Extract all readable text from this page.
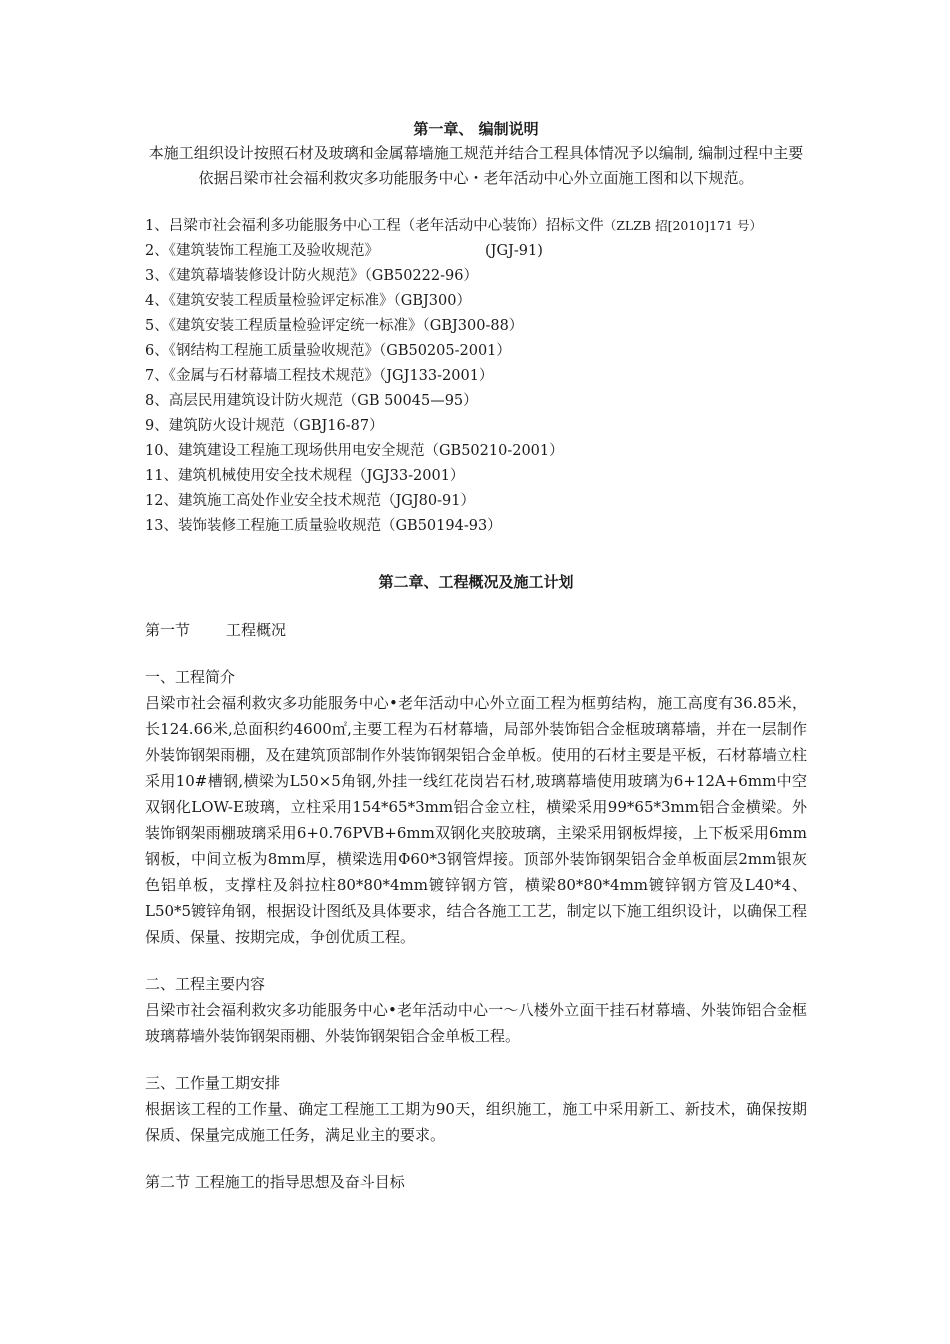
第一章、 编制说明

本施工组织设计按照石材及玻璃和金属幕墙施工规范并结合工程具体情况予以编制, 编制过程中主要依据吕梁市社会福利救灾多功能服务中心・老年活动中心外立面施工图和以下规范。

1、吕梁市社会福利多功能服务中心工程（老年活动中心装饰）招标文件（ZLZB 招[2010]171 号）
2、《建筑装饰工程施工及验收规范》	(JGJ-91)
3、《建筑幕墙装修设计防火规范》（GB50222-96）
4、《建筑安装工程质量检验评定标准》（GBJ300）
5、《建筑安装工程质量检验评定统一标准》（GBJ300-88）
6、《钢结构工程施工质量验收规范》（GB50205-2001）
7、《金属与石材幕墙工程技术规范》（JGJ133-2001）
8、高层民用建筑设计防火规范（GB 50045—95）
9、建筑防火设计规范（GBJ16-87）
10、建筑建设工程施工现场供用电安全规范（GB50210-2001）
11、建筑机械使用安全技术规程（JGJ33-2001）
12、建筑施工高处作业安全技术规范（JGJ80-91）
13、装饰装修工程施工质量验收规范（GB50194-93）

第二章、工程概况及施工计划

第一节 工程概况

一、工程简介

吕梁市社会福利救灾多功能服务中心•老年活动中心外立面工程为框剪结构，施工高度有36.85米，长124.66米,总面积约4600㎡,主要工程为石材幕墙，局部外装饰铝合金框玻璃幕墙，并在一层制作外装饰钢架雨棚，及在建筑顶部制作外装饰钢架铝合金单板。使用的石材主要是平板，石材幕墙立柱采用10#槽钢,横梁为L50×5角钢,外挂一线红花岗岩石材,玻璃幕墙使用玻璃为6+12A+6mm中空双钢化LOW-E玻璃，立柱采用154*65*3mm铝合金立柱，横梁采用99*65*3mm铝合金横梁。外装饰钢架雨棚玻璃采用6+0.76PVB+6mm双钢化夹胶玻璃，主梁采用钢板焊接，上下板采用6mm钢板，中间立板为8mm厚，横梁选用Φ60*3钢管焊接。顶部外装饰钢架铝合金单板面层2mm银灰色铝单板，支撑柱及斜拉柱80*80*4mm镀锌钢方管，横梁80*80*4mm镀锌钢方管及L40*4、L50*5镀锌角钢，根据设计图纸及具体要求，结合各施工工艺，制定以下施工组织设计，以确保工程保质、保量、按期完成，争创优质工程。

二、工程主要内容

吕梁市社会福利救灾多功能服务中心•老年活动中心一～八楼外立面干挂石材幕墙、外装饰铝合金框玻璃幕墙外装饰钢架雨棚、外装饰钢架铝合金单板工程。

三、工作量工期安排

根据该工程的工作量、确定工程施工工期为90天，组织施工，施工中采用新工、新技术，确保按期保质、保量完成施工任务，满足业主的要求。

第二节 工程施工的指导思想及奋斗目标
